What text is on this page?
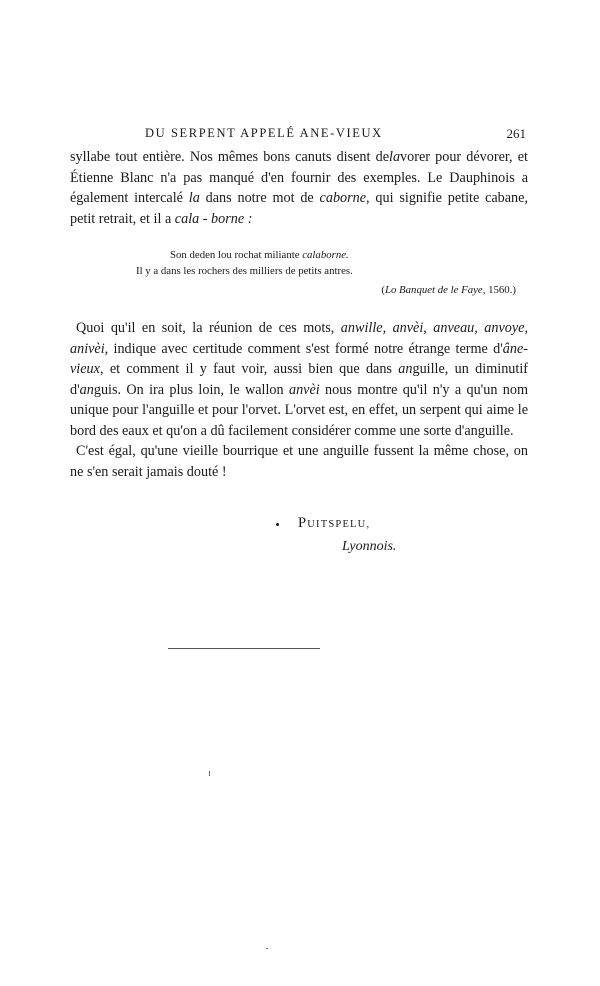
DU SERPENT APPELÉ ANE-VIEUX	261

syllabe tout entière. Nos mêmes bons canuts disent delavorer pour dévorer, et Étienne Blanc n'a pas manqué d'en fournir des exemples. Le Dauphinois a également intercalé la dans notre mot de caborne, qui signifie petite cabane, petit retrait, et il a cala - borne :

Son deden lou rochat miliante calaborne.
Il y a dans les rochers des milliers de petits antres.
(Lo Banquet de le Faye, 1560.)

Quoi qu'il en soit, la réunion de ces mots, anwille, anvèi, anveau, anvoye, anivèi, indique avec certitude comment s'est formé notre étrange terme d'âne-vieux, et comment il y faut voir, aussi bien que dans anguille, un diminutif d'anguis. On ira plus loin, le wallon anvèi nous montre qu'il n'y a qu'un nom unique pour l'anguille et pour l'orvet. L'orvet est, en effet, un serpent qui aime le bord des eaux et qu'on a dû facilement considérer comme une sorte d'anguille.

C'est égal, qu'une vieille bourrique et une anguille fussent la même chose, on ne s'en serait jamais douté !

PUITSPELU,
Lyonnois.
